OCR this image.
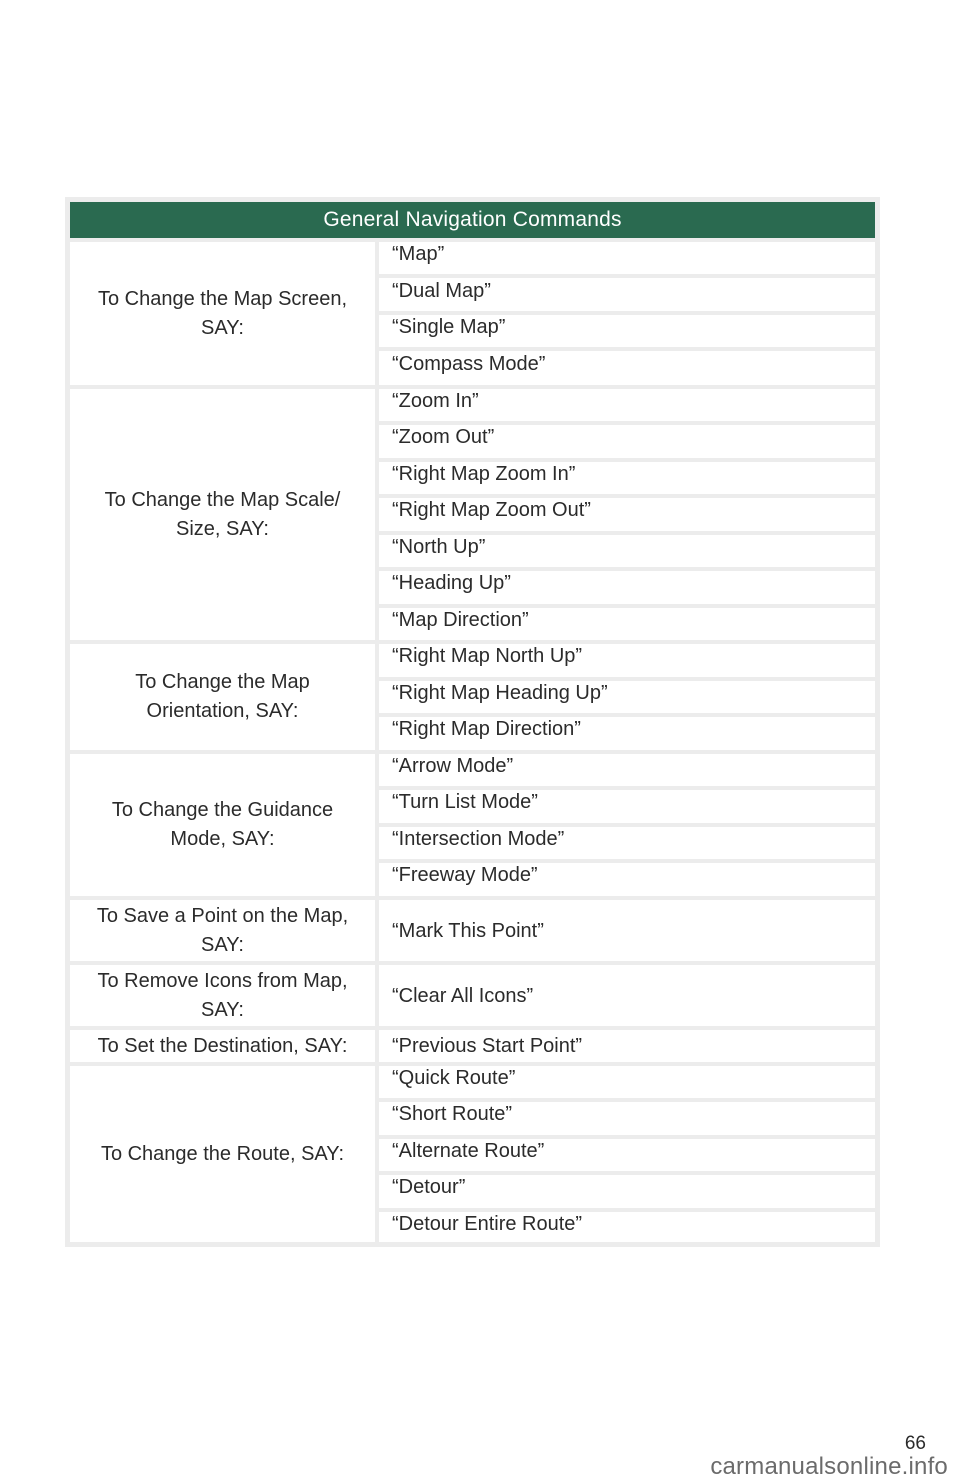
General Navigation Commands
To Change the Map Screen, SAY:
“Map”
“Dual Map”
“Single Map”
“Compass Mode”
To Change the Map Scale/ Size, SAY:
“Zoom In”
“Zoom Out”
“Right Map Zoom In”
“Right Map Zoom Out”
“North Up”
“Heading Up”
“Map Direction”
To Change the Map Orientation, SAY:
“Right Map North Up”
“Right Map Heading Up”
“Right Map Direction”
To Change the Guidance Mode, SAY:
“Arrow Mode”
“Turn List Mode”
“Intersection Mode”
“Freeway Mode”
To Save a Point on the Map, SAY:
“Mark This Point”
To Remove Icons from Map, SAY:
“Clear All Icons”
To Set the Destination, SAY:	“Previous Start Point”
To Change the Route, SAY:
“Quick Route”
“Short Route”
“Alternate Route”
“Detour”
“Detour Entire Route”
66
carmanualsonline.info
